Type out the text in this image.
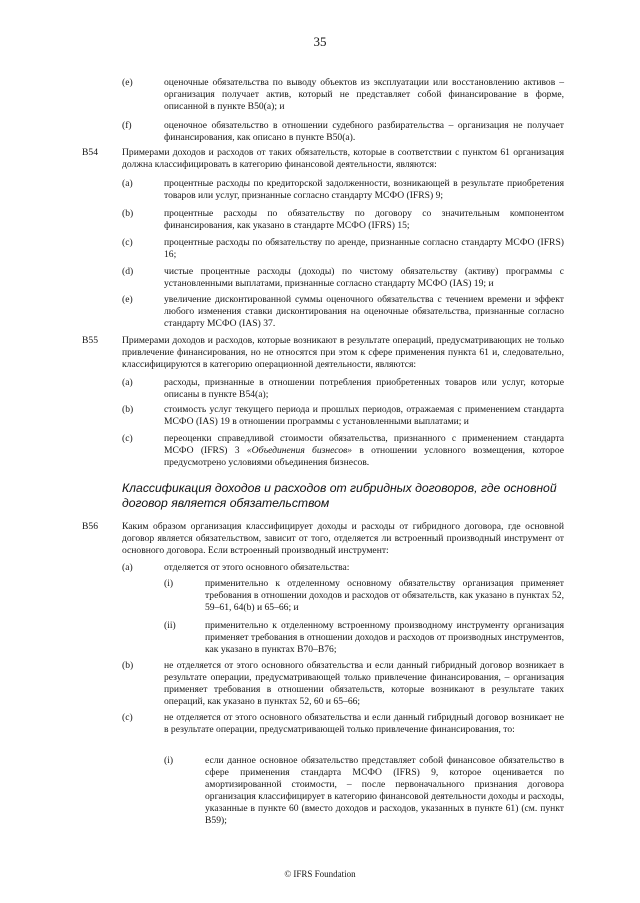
35
(e)	оценочные обязательства по выводу объектов из эксплуатации или восстановлению активов – организация получает актив, который не представляет собой финансирование в форме, описанной в пункте B50(a); и
(f)	оценочное обязательство в отношении судебного разбирательства – организация не получает финансирования, как описано в пункте B50(a).
B54	Примерами доходов и расходов от таких обязательств, которые в соответствии с пунктом 61 организация должна классифицировать в категорию финансовой деятельности, являются:
(a)	процентные расходы по кредиторской задолженности, возникающей в результате приобретения товаров или услуг, признанные согласно стандарту МСФО (IFRS) 9;
(b)	процентные расходы по обязательству по договору со значительным компонентом финансирования, как указано в стандарте МСФО (IFRS) 15;
(c)	процентные расходы по обязательству по аренде, признанные согласно стандарту МСФО (IFRS) 16;
(d)	чистые процентные расходы (доходы) по чистому обязательству (активу) программы с установленными выплатами, признанные согласно стандарту МСФО (IAS) 19; и
(e)	увеличение дисконтированной суммы оценочного обязательства с течением времени и эффект любого изменения ставки дисконтирования на оценочные обязательства, признанные согласно стандарту МСФО (IAS) 37.
B55	Примерами доходов и расходов, которые возникают в результате операций, предусматривающих не только привлечение финансирования, но не относятся при этом к сфере применения пункта 61 и, следовательно, классифицируются в категорию операционной деятельности, являются:
(a)	расходы, признанные в отношении потребления приобретенных товаров или услуг, которые описаны в пункте B54(a);
(b)	стоимость услуг текущего периода и прошлых периодов, отражаемая с применением стандарта МСФО (IAS) 19 в отношении программы с установленными выплатами; и
(c)	переоценки справедливой стоимости обязательства, признанного с применением стандарта МСФО (IFRS) 3 «Объединения бизнесов» в отношении условного возмещения, которое предусмотрено условиями объединения бизнесов.
Классификация доходов и расходов от гибридных договоров, где основной договор является обязательством
B56	Каким образом организация классифицирует доходы и расходы от гибридного договора, где основной договор является обязательством, зависит от того, отделяется ли встроенный производный инструмент от основного договора. Если встроенный производный инструмент:
(a)	отделяется от этого основного обязательства:
(i)	применительно к отделенному основному обязательству организация применяет требования в отношении доходов и расходов от обязательств, как указано в пунктах 52, 59–61, 64(b) и 65–66; и
(ii)	применительно к отделенному встроенному производному инструменту организация применяет требования в отношении доходов и расходов от производных инструментов, как указано в пунктах B70–B76;
(b)	не отделяется от этого основного обязательства и если данный гибридный договор возникает в результате операции, предусматривающей только привлечение финансирования, – организация применяет требования в отношении обязательств, которые возникают в результате таких операций, как указано в пунктах 52, 60 и 65–66;
(c)	не отделяется от этого основного обязательства и если данный гибридный договор возникает не в результате операции, предусматривающей только привлечение финансирования, то:
(i)	если данное основное обязательство представляет собой финансовое обязательство в сфере применения стандарта МСФО (IFRS) 9, которое оценивается по амортизированной стоимости, – после первоначального признания договора организация классифицирует в категорию финансовой деятельности доходы и расходы, указанные в пункте 60 (вместо доходов и расходов, указанных в пункте 61) (см. пункт B59);
© IFRS Foundation
